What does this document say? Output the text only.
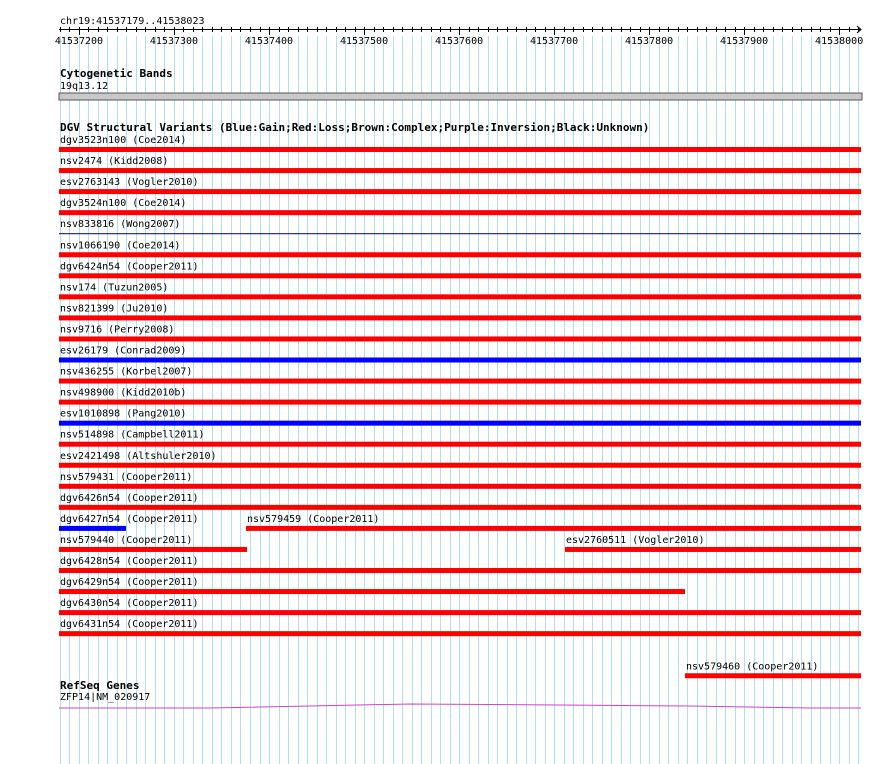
chr19:41537179..41538023
41537200	41537300	41537400	41537500	41537600	41537700	41537800	41537900	41538000
Cytogenetic Bands
19q13.12
DGV Structural Variants (Blue:Gain;Red:Loss;Brown:Complex;Purple:Inversion;Black:Unknown)
dgv3523n100 (Coe2014)
nsv2474 (Kidd2008)
esv2763143 (Vogler2010)
dgv3524n100 (Coe2014)
nsv833816 (Wong2007)
nsv1066190 (Coe2014)
dgv6424n54 (Cooper2011)
nsv174 (Tuzun2005)
nsv821399 (Ju2010)
nsv9716 (Perry2008)
esv26179 (Conrad2009)
nsv436255 (Korbel2007)
nsv498900 (Kidd2010b)
esv1010898 (Pang2010)
nsv514898 (Campbell2011)
esv2421498 (Altshuler2010)
nsv579431 (Cooper2011)
dgv6426n54 (Cooper2011)
dgv6427n54 (Cooper2011)	nsv579459 (Cooper2011)
nsv579440 (Cooper2011)	esv2760511 (Vogler2010)
dgv6428n54 (Cooper2011)
dgv6429n54 (Cooper2011)
dgv6430n54 (Cooper2011)
dgv6431n54 (Cooper2011)
nsv579460 (Cooper2011)
RefSeq Genes
ZFP14|NM_020917
